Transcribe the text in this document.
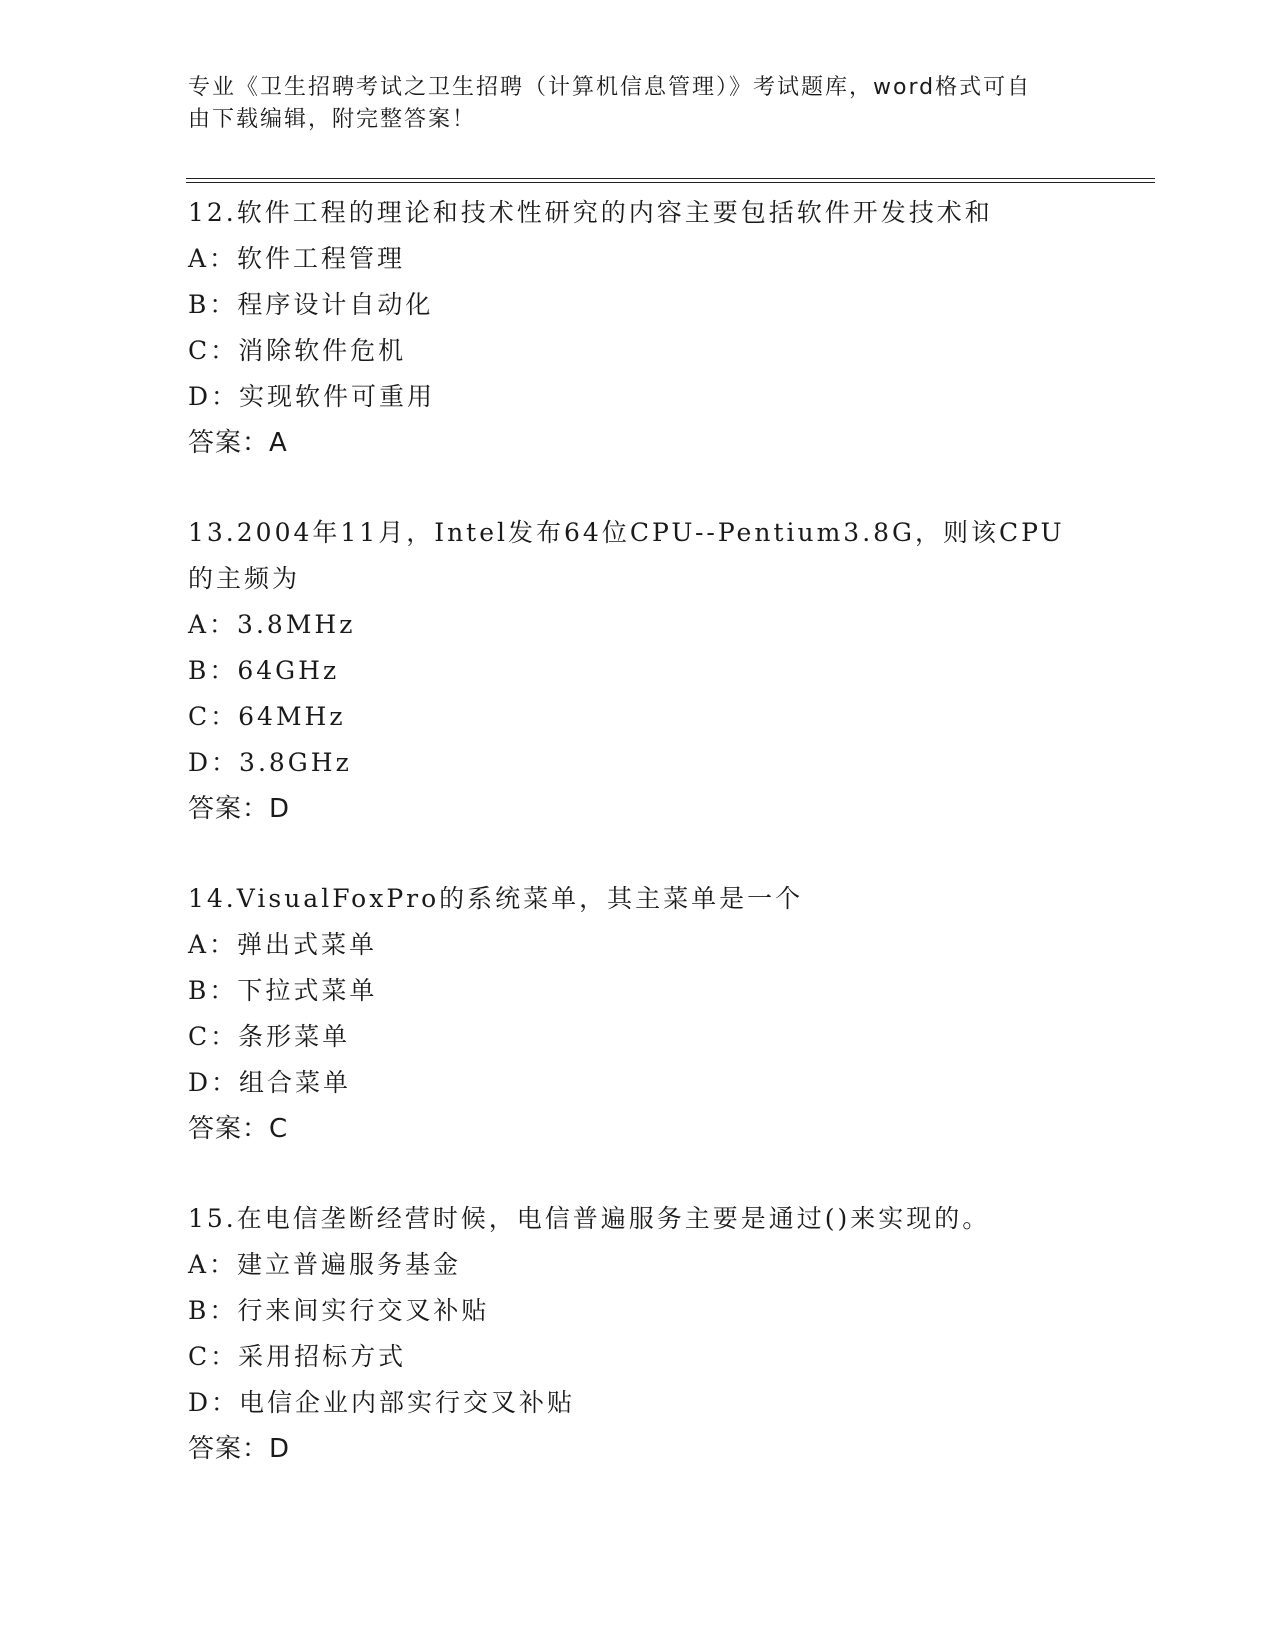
专业《卫生招聘考试之卫生招聘（计算机信息管理）》考试题库，word格式可自
由下载编辑，附完整答案！
12.软件工程的理论和技术性研究的内容主要包括软件开发技术和
A：软件工程管理
B：程序设计自动化
C：消除软件危机
D：实现软件可重用
答案：A
13.2004年11月，Intel发布64位CPU--Pentium3.8G，则该CPU的主频为
A：3.8MHz
B：64GHz
C：64MHz
D：3.8GHz
答案：D
14.VisualFoxPro的系统菜单，其主菜单是一个
A：弹出式菜单
B：下拉式菜单
C：条形菜单
D：组合菜单
答案：C
15.在电信垄断经营时候，电信普遍服务主要是通过()来实现的。
A：建立普遍服务基金
B：行来间实行交叉补贴
C：采用招标方式
D：电信企业内部实行交叉补贴
答案：D
